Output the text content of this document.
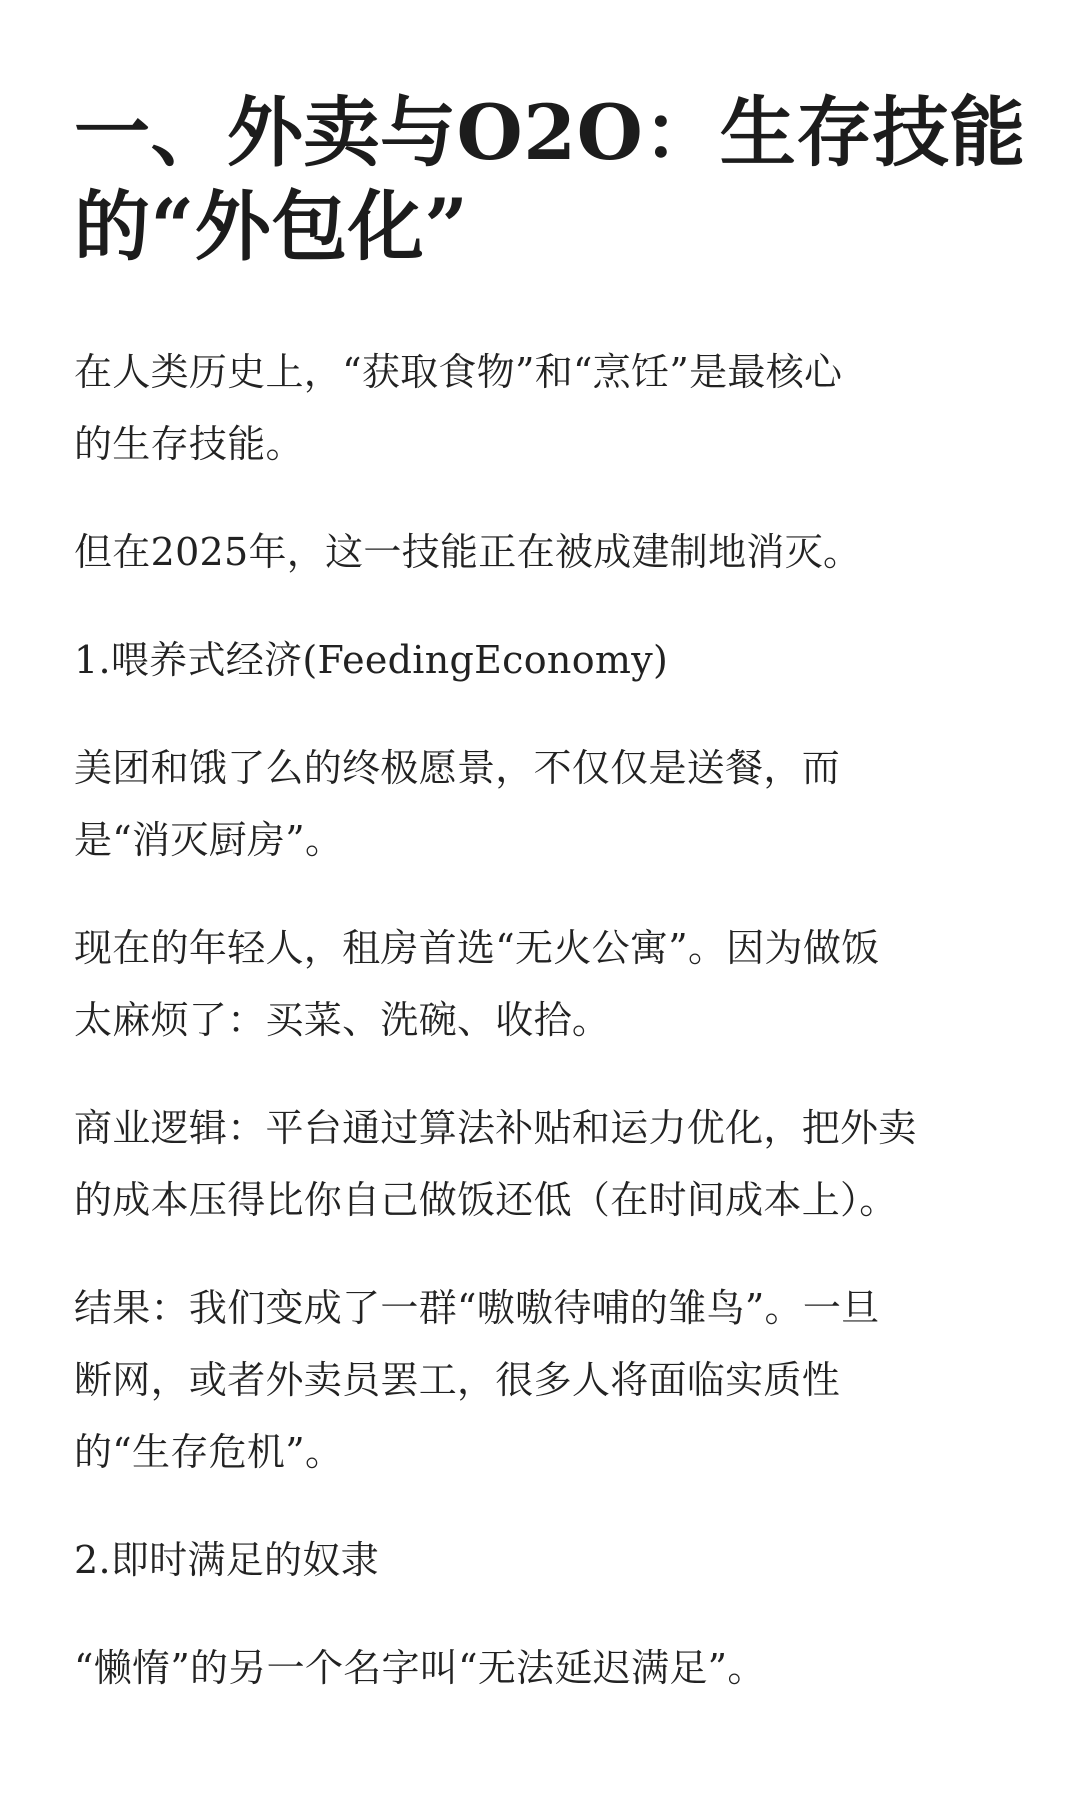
一、外卖与O2O：生存技能
的“外包化”

在人类历史上，“获取食物”和“烹饪”是最核心
的生存技能。

但在2025年，这一技能正在被成建制地消灭。

1.喂养式经济(FeedingEconomy)

美团和饿了么的终极愿景，不仅仅是送餐，而
是“消灭厨房”。

现在的年轻人，租房首选“无火公寓”。因为做饭
太麻烦了：买菜、洗碗、收拾。

商业逻辑：平台通过算法补贴和运力优化，把外卖
的成本压得比你自己做饭还低（在时间成本上）。

结果：我们变成了一群“嗷嗷待哺的雏鸟”。一旦
断网，或者外卖员罢工，很多人将面临实质性
的“生存危机”。

2.即时满足的奴隶

“懒惰”的另一个名字叫“无法延迟满足”。
